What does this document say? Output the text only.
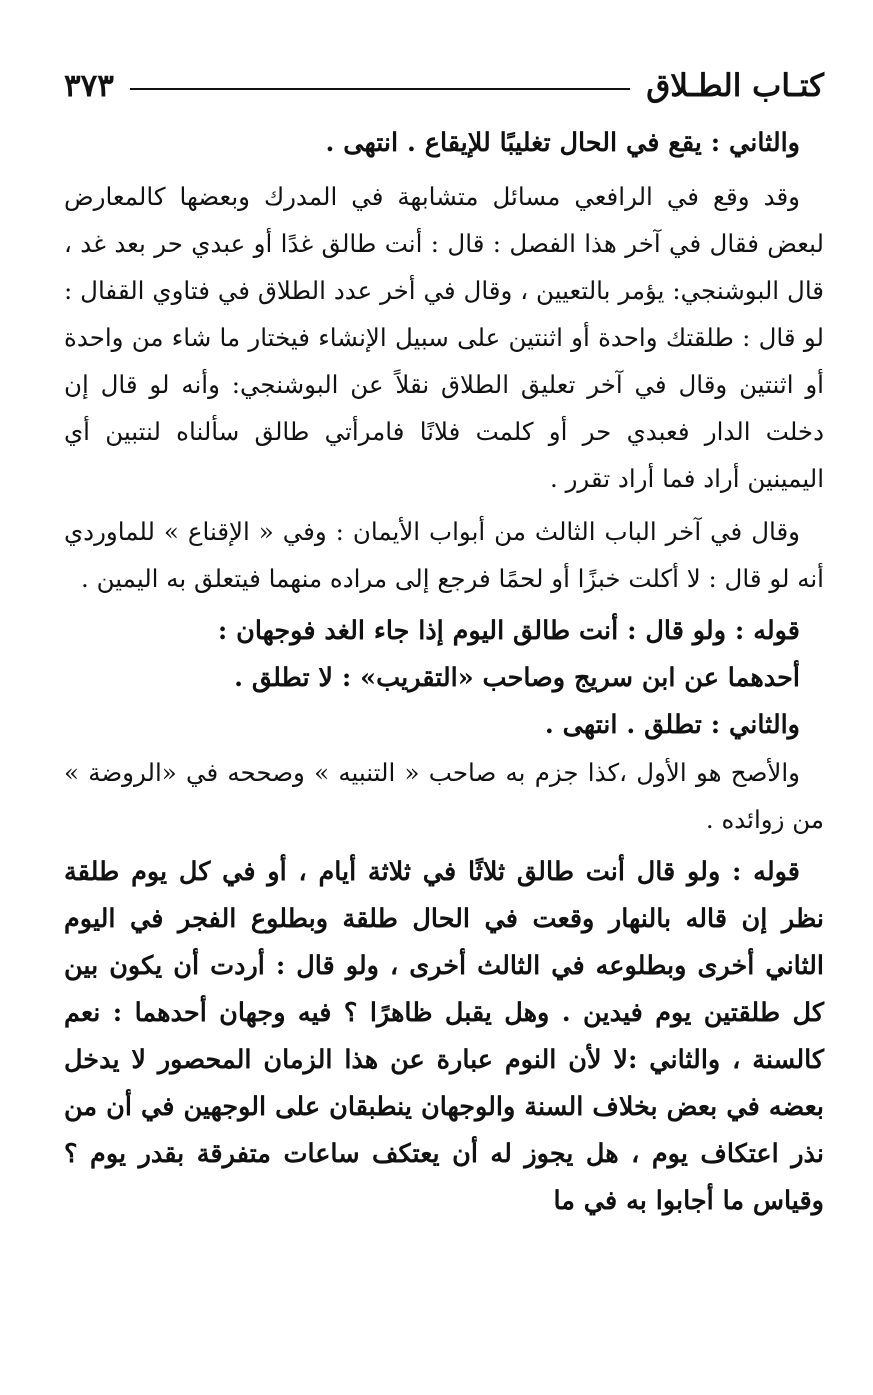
كتـاب الطـلاق
٣٧٣

والثاني : يقع في الحال تغليبًا للإيقاع . انتهى .

وقد وقع في الرافعي مسائل متشابهة في المدرك وبعضها كالمعارض لبعض فقال في آخر هذا الفصل : قال : أنت طالق غدًا أو عبدي حر بعد غد ، قال البوشنجي: يؤمر بالتعيين ، وقال في أخر عدد الطلاق في فتاوي القفال : لو قال : طلقتك واحدة أو اثنتين على سبيل الإنشاء فيختار ما شاء من واحدة أو اثنتين وقال في آخر تعليق الطلاق نقلاً عن البوشنجي: وأنه لو قال إن دخلت الدار فعبدي حر أو كلمت فلانًا فامرأتي طالق سألناه لنتبين أي اليمينين أراد فما أراد تقرر .

وقال في آخر الباب الثالث من أبواب الأيمان : وفي « الإقناع » للماوردي أنه لو قال : لا أكلت خبزًا أو لحمًا فرجع إلى مراده منهما فيتعلق به اليمين .

قوله : ولو قال : أنت طالق اليوم إذا جاء الغد فوجهان :

أحدهما عن ابن سريج وصاحب «التقريب» : لا تطلق .

والثاني : تطلق . انتهى .

والأصح هو الأول ،كذا جزم به صاحب « التنبيه » وصححه في «الروضة » من زوائده .

قوله : ولو قال أنت طالق ثلاثًا في ثلاثة أيام ، أو في كل يوم طلقة نظر إن قاله بالنهار وقعت في الحال طلقة وبطلوع الفجر في اليوم الثاني أخرى وبطلوعه في الثالث أخرى ، ولو قال : أردت أن يكون بين كل طلقتين يوم فيدين . وهل يقبل ظاهرًا ؟ فيه وجهان أحدهما : نعم كالسنة ، والثاني :لا لأن النوم عبارة عن هذا الزمان المحصور لا يدخل بعضه في بعض بخلاف السنة والوجهان ينطبقان على الوجهين في أن من نذر اعتكاف يوم ، هل يجوز له أن يعتكف ساعات متفرقة بقدر يوم ؟ وقياس ما أجابوا به في ما
